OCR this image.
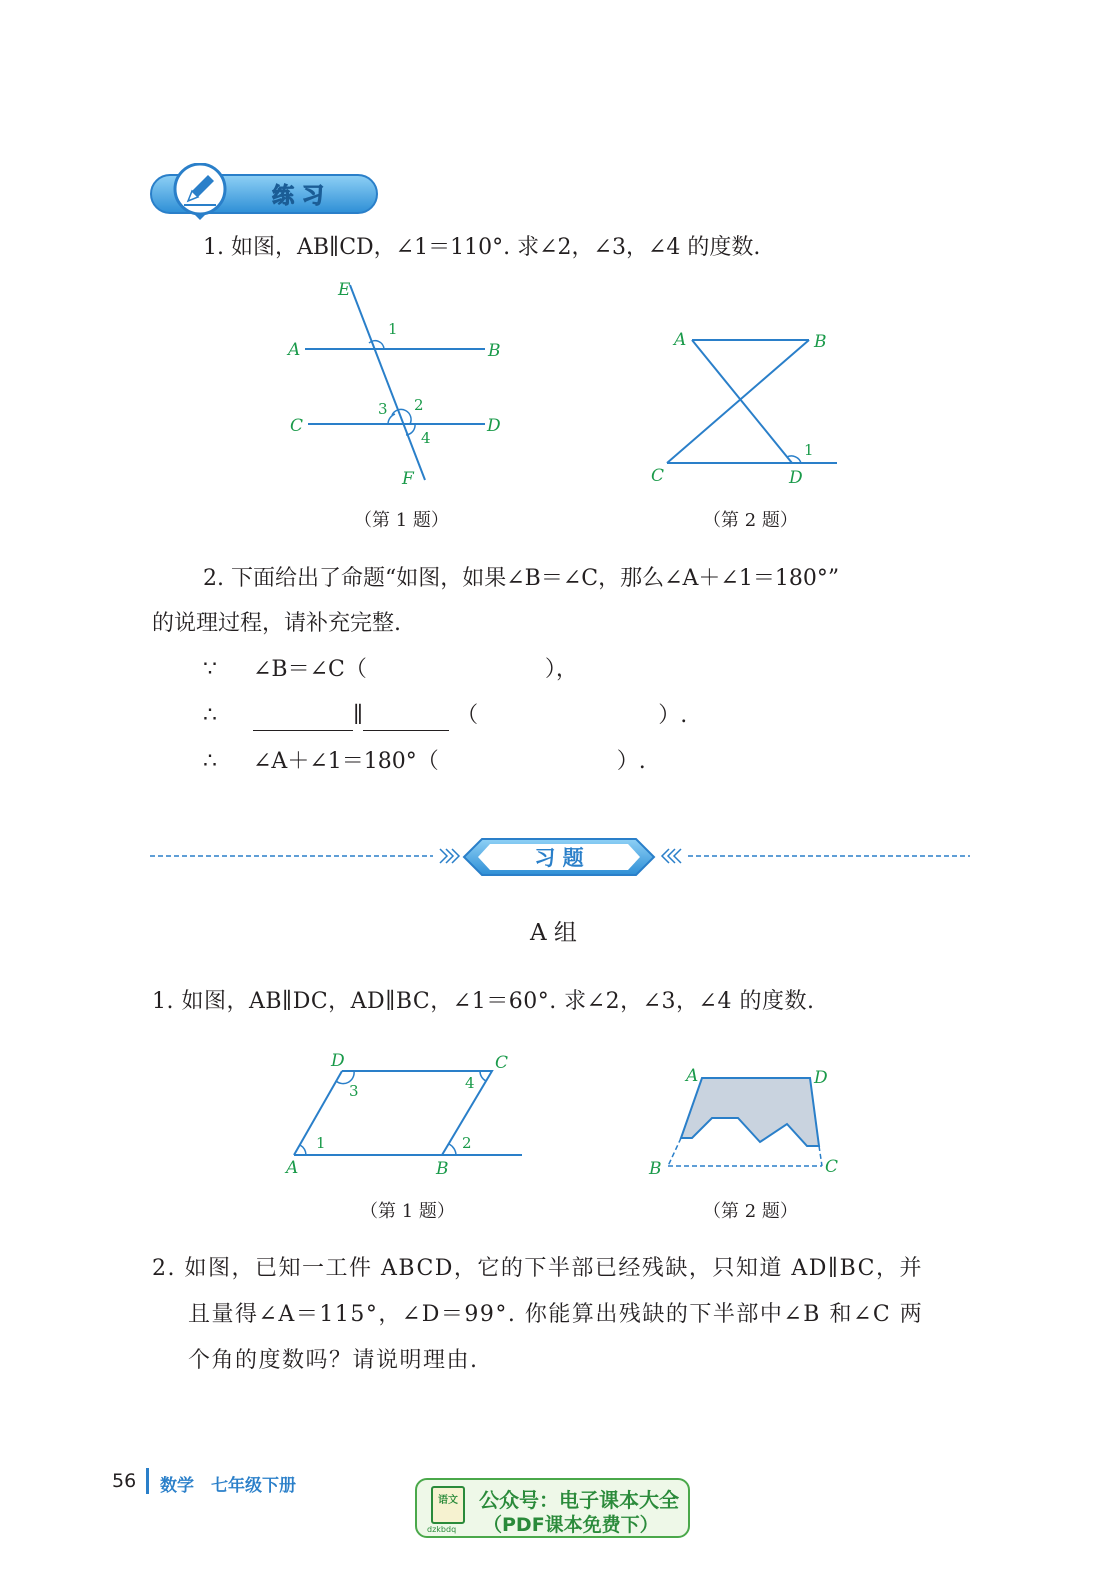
练 习
1. 如图，AB∥CD，∠1＝110°. 求∠2，∠3，∠4 的度数.
E
A	B
C	D
F
1
2
3
4
（第 1 题）
A	B
C	D
1
（第 2 题）
2. 下面给出了命题“如图，如果∠B＝∠C，那么∠A＋∠1＝180°”
的说理过程，请补充完整.
∵ ∠B＝∠C（	），
∴	∥	（	）.
∴ ∠A＋∠1＝180°（	）.
习 题
A 组
1. 如图，AB∥DC，AD∥BC，∠1＝60°. 求∠2，∠3，∠4 的度数.
D	C
A	B
1	2
3	4
（第 1 题）
A	D
B	C
（第 2 题）
2. 如图，已知一工件 ABCD，它的下半部已经残缺，只知道 AD∥BC，并
且量得∠A＝115°，∠D＝99°. 你能算出残缺的下半部中∠B 和∠C 两
个角的度数吗？请说明理由.
56 数学　七年级下册
语文
dzkbdq
公众号：电子课本大全
（PDF课本免费下）
